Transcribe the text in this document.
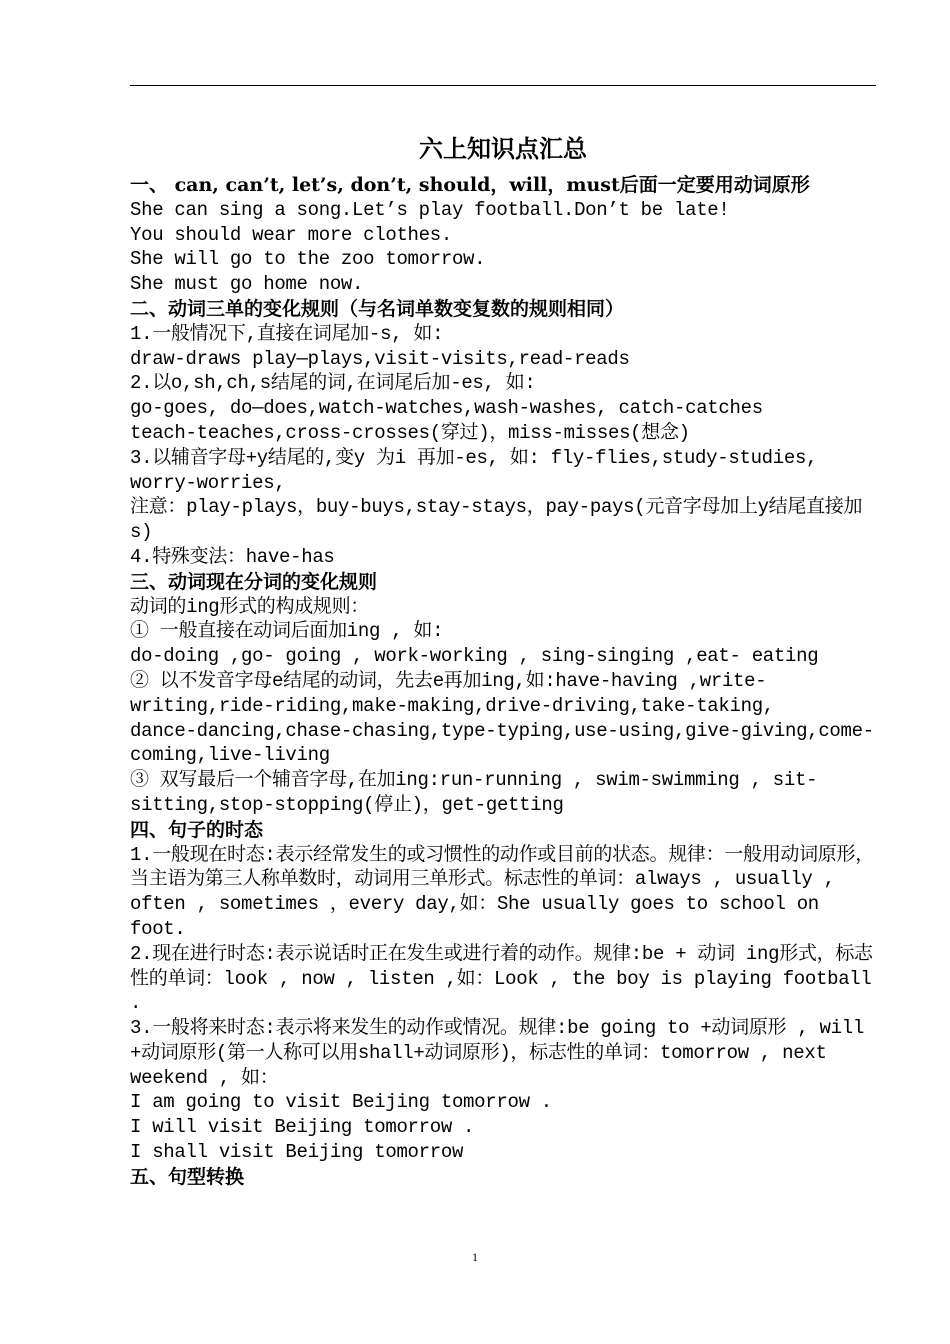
六上知识点汇总
一、 can, can’t, let’s, don’t, should，will，must后面一定要用动词原形
She can sing a song.Let’s play football.Don’t be late!
You should wear more clothes.
She will go to the zoo tomorrow.
She must go home now.
二、动词三单的变化规则（与名词单数变复数的规则相同）
1.一般情况下,直接在词尾加-s, 如:
draw-draws play—plays,visit-visits,read-reads
2.以o,sh,ch,s结尾的词,在词尾后加-es, 如:
go-goes, do—does,watch-watches,wash-washes, catch-catches
teach-teaches,cross-crosses(穿过)，miss-misses(想念)
3.以辅音字母+y结尾的,变y 为i 再加-es, 如: fly-flies,study-studies, worry-worries,
注意：play-plays，buy-buys,stay-stays，pay-pays(元音字母加上y结尾直接加s)
4.特殊变法：have-has
三、动词现在分词的变化规则
动词的ing形式的构成规则：
① 一般直接在动词后面加ing , 如:
do-doing ,go- going , work-working , sing-singing ,eat- eating
② 以不发音字母e结尾的动词，先去e再加ing,如:have-having ,write-writing,ride-riding,make-making,drive-driving,take-taking,
dance-dancing,chase-chasing,type-typing,use-using,give-giving,come-coming,live-living
③ 双写最后一个辅音字母,在加ing:run-running , swim-swimming , sit-sitting,stop-stopping(停止)，get-getting
四、句子的时态
1.一般现在时态:表示经常发生的或习惯性的动作或目前的状态。规律：一般用动词原形，当主语为第三人称单数时，动词用三单形式。标志性的单词：always , usually , often , sometimes ，every day,如：She usually goes to school on foot.
2.现在进行时态:表示说话时正在发生或进行着的动作。规律:be + 动词 ing形式，标志性的单词：look , now , listen ,如：Look , the boy is playing football .
3.一般将来时态:表示将来发生的动作或情况。规律:be going to +动词原形 , will +动词原形(第一人称可以用shall+动词原形)，标志性的单词：tomorrow , next weekend , 如：
I am going to visit Beijing tomorrow .
I will visit Beijing tomorrow .
I shall visit Beijing tomorrow
五、句型转换
1
